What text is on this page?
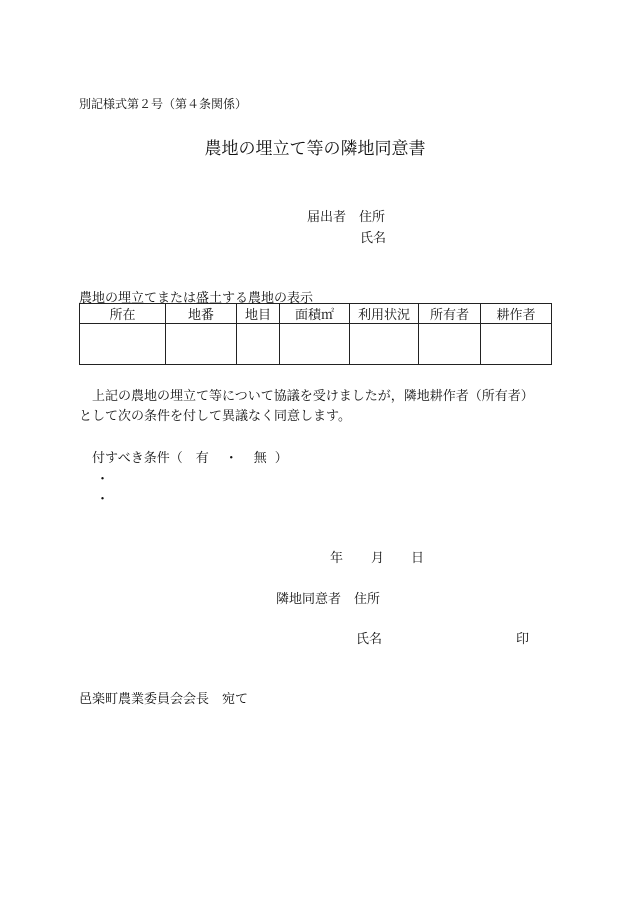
別記様式第２号（第４条関係）
農地の埋立て等の隣地同意書
届出者 住所
氏名
農地の埋立てまたは盛土する農地の表示
所在	地番	地目	面積㎡	利用状況	所有者	耕作者

上記の農地の埋立て等について協議を受けましたが，隣地耕作者（所有者）
として次の条件を付して異議なく同意します。
付すべき条件（ 有 ・ 無 ）
・
・
年 月 日
隣地同意者 住所
氏名	印
邑楽町農業委員会会長　宛て
